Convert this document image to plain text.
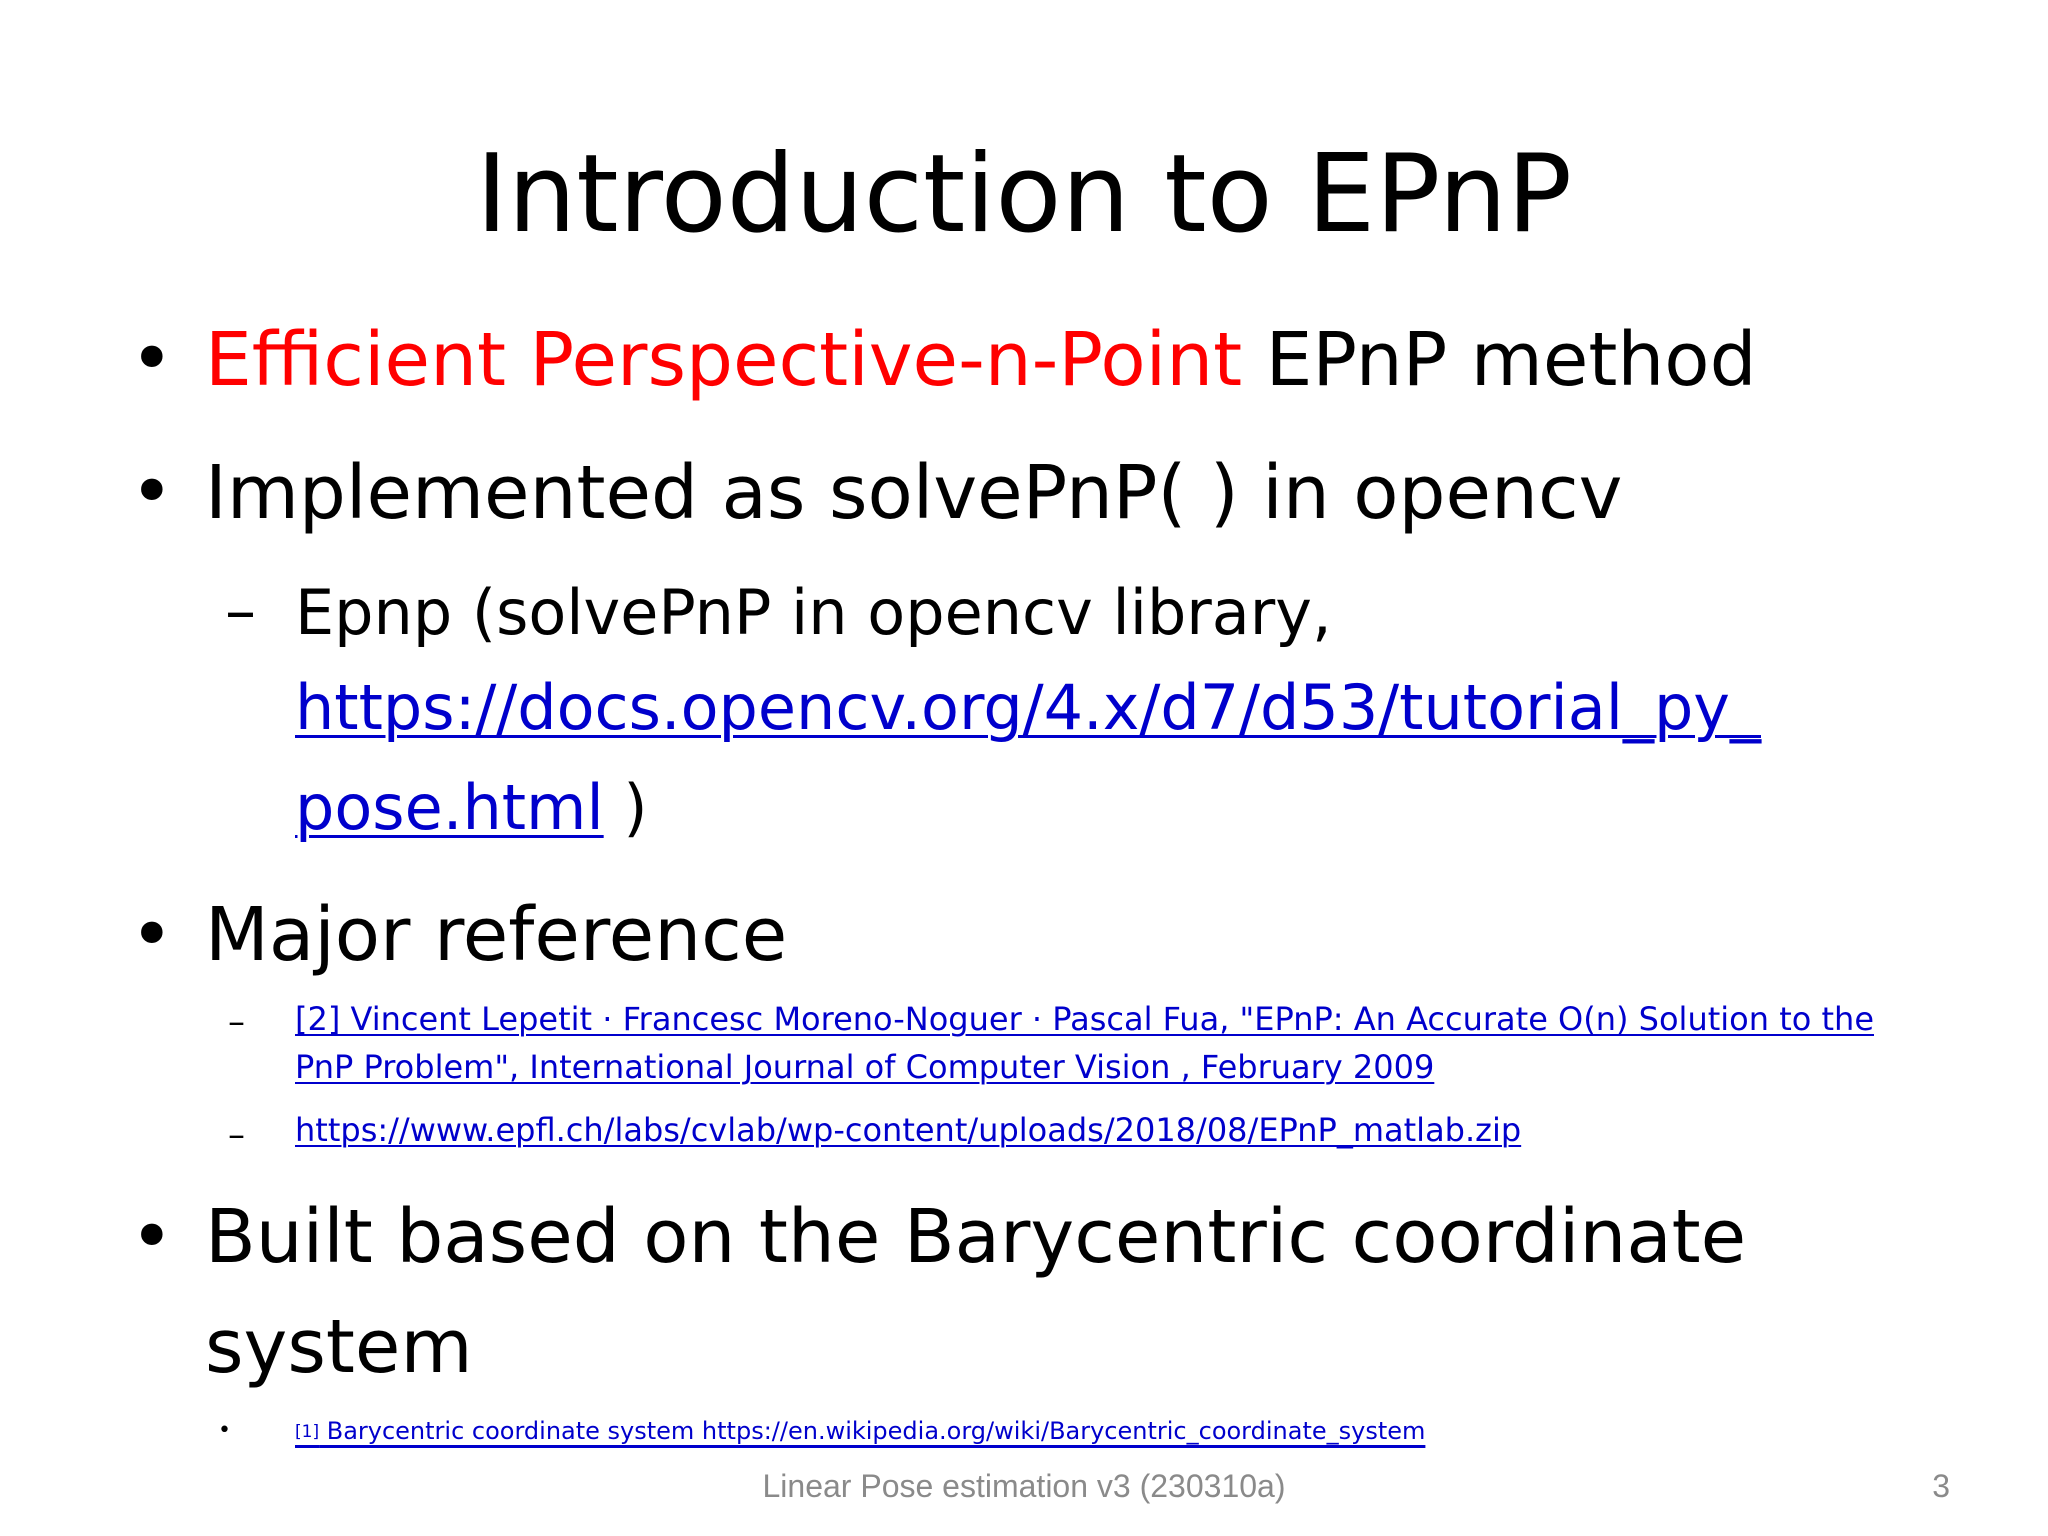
Introduction to EPnP
• Efficient Perspective-n-Point EPnP method
• Implemented as solvePnP( ) in opencv
– Epnp (solvePnP in opencv library,
https://docs.opencv.org/4.x/d7/d53/tutorial_py_
pose.html )
• Major reference
– [2] Vincent Lepetit · Francesc Moreno-Noguer · Pascal Fua, "EPnP: An Accurate O(n) Solution to the
PnP Problem", International Journal of Computer Vision , February 2009
– https://www.epfl.ch/labs/cvlab/wp-content/uploads/2018/08/EPnP_matlab.zip
• Built based on the Barycentric coordinate
system
•	[1] Barycentric coordinate system https://en.wikipedia.org/wiki/Barycentric_coordinate_system
Linear Pose estimation v3 (230310a)	3
